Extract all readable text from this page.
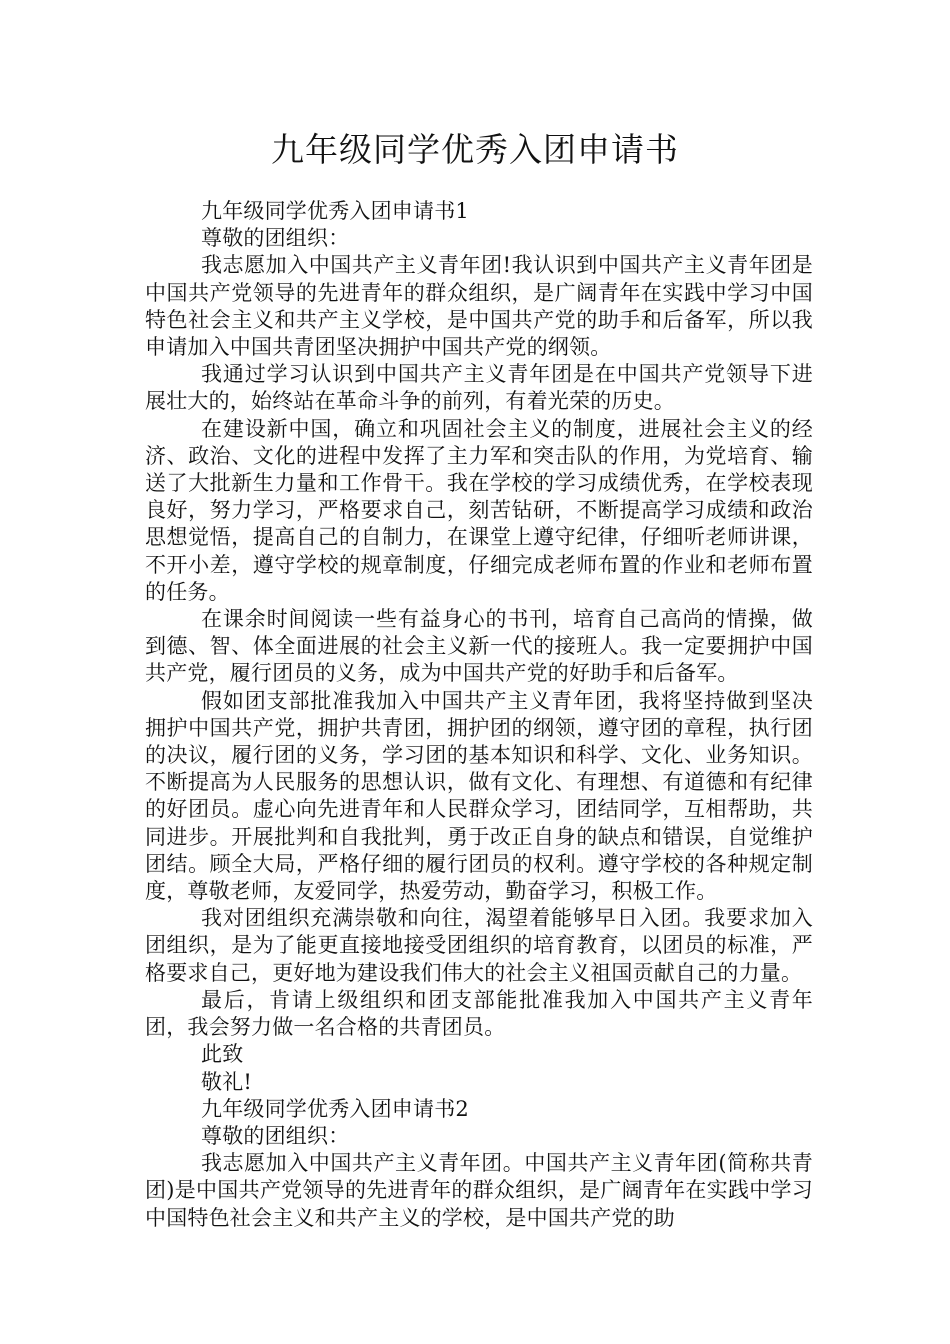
九年级同学优秀入团申请书

九年级同学优秀入团申请书1

尊敬的团组织：

我志愿加入中国共产主义青年团!我认识到中国共产主义青年团是中国共产党领导的先进青年的群众组织，是广阔青年在实践中学习中国特色社会主义和共产主义学校，是中国共产党的助手和后备军，所以我申请加入中国共青团坚决拥护中国共产党的纲领。

我通过学习认识到中国共产主义青年团是在中国共产党领导下进展壮大的，始终站在革命斗争的前列，有着光荣的历史。

在建设新中国，确立和巩固社会主义的制度，进展社会主义的经济、政治、文化的进程中发挥了主力军和突击队的作用，为党培育、输送了大批新生力量和工作骨干。我在学校的学习成绩优秀，在学校表现良好，努力学习，严格要求自己，刻苦钻研，不断提高学习成绩和政治思想觉悟，提高自己的自制力，在课堂上遵守纪律，仔细听老师讲课，不开小差，遵守学校的规章制度，仔细完成老师布置的作业和老师布置的任务。

在课余时间阅读一些有益身心的书刊，培育自己高尚的情操，做到德、智、体全面进展的社会主义新一代的接班人。我一定要拥护中国共产党，履行团员的义务，成为中国共产党的好助手和后备军。

假如团支部批准我加入中国共产主义青年团，我将坚持做到坚决拥护中国共产党，拥护共青团，拥护团的纲领，遵守团的章程，执行团的决议，履行团的义务，学习团的基本知识和科学、文化、业务知识。不断提高为人民服务的思想认识，做有文化、有理想、有道德和有纪律的好团员。虚心向先进青年和人民群众学习，团结同学，互相帮助，共同进步。开展批判和自我批判，勇于改正自身的缺点和错误，自觉维护团结。顾全大局，严格仔细的履行团员的权利。遵守学校的各种规定制度，尊敬老师，友爱同学，热爱劳动，勤奋学习，积极工作。

我对团组织充满崇敬和向往，渴望着能够早日入团。我要求加入团组织，是为了能更直接地接受团组织的培育教育，以团员的标准，严格要求自己，更好地为建设我们伟大的社会主义祖国贡献自己的力量。

最后，肯请上级组织和团支部能批准我加入中国共产主义青年团，我会努力做一名合格的共青团员。

此致

敬礼!

九年级同学优秀入团申请书2

尊敬的团组织：

我志愿加入中国共产主义青年团。中国共产主义青年团(简称共青团)是中国共产党领导的先进青年的群众组织，是广阔青年在实践中学习中国特色社会主义和共产主义的学校，是中国共产党的助
